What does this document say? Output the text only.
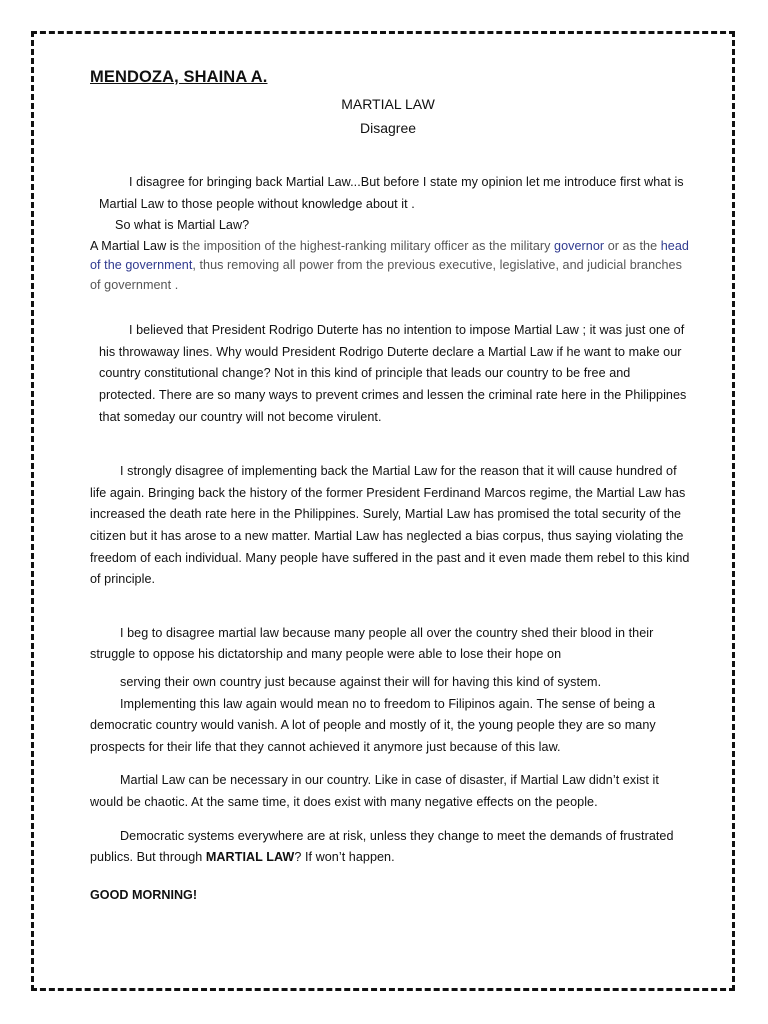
MENDOZA, SHAINA A.
MARTIAL LAW
Disagree

I disagree for bringing back Martial Law...But before I state my opinion let me introduce first what is Martial Law to those people without knowledge about it .

So what is Martial Law?

A Martial Law is the imposition of the highest-ranking military officer as the military governor or as the head of the government, thus removing all power from the previous executive, legislative, and judicial branches of government .

I believed that President Rodrigo Duterte has no intention to impose Martial Law ; it was just one of his throwaway lines. Why would President Rodrigo Duterte declare a Martial Law if he want to make our country constitutional change? Not in this kind of principle that leads our country to be free and protected. There are so many ways to prevent crimes and lessen the criminal rate here in the Philippines that someday our country will not become virulent.

I strongly disagree of implementing back the Martial Law for the reason that it will cause hundred of life again. Bringing back the history of the former President Ferdinand Marcos regime, the Martial Law has increased the death rate here in the Philippines. Surely, Martial Law has promised the total security of the citizen but it has arose to a new matter. Martial Law has neglected a bias corpus, thus saying violating the freedom of each individual. Many people have suffered in the past and it even made them rebel to this kind of principle.

I beg to disagree martial law because many people all over the country shed their blood in their struggle to oppose his dictatorship and many people were able to lose their hope on
serving their own country just because against their will for having this kind of system.
Implementing this law again would mean no to freedom to Filipinos again. The sense of being a democratic country would vanish. A lot of people and mostly of it, the young people they are so many prospects for their life that they cannot achieved it anymore just because of this law.

Martial Law can be necessary in our country. Like in case of disaster, if Martial Law didn’t exist it would be chaotic. At the same time, it does exist with many negative effects on the people.

Democratic systems everywhere are at risk, unless they change to meet the demands of frustrated publics. But through MARTIAL LAW? If won’t happen.

GOOD MORNING!
